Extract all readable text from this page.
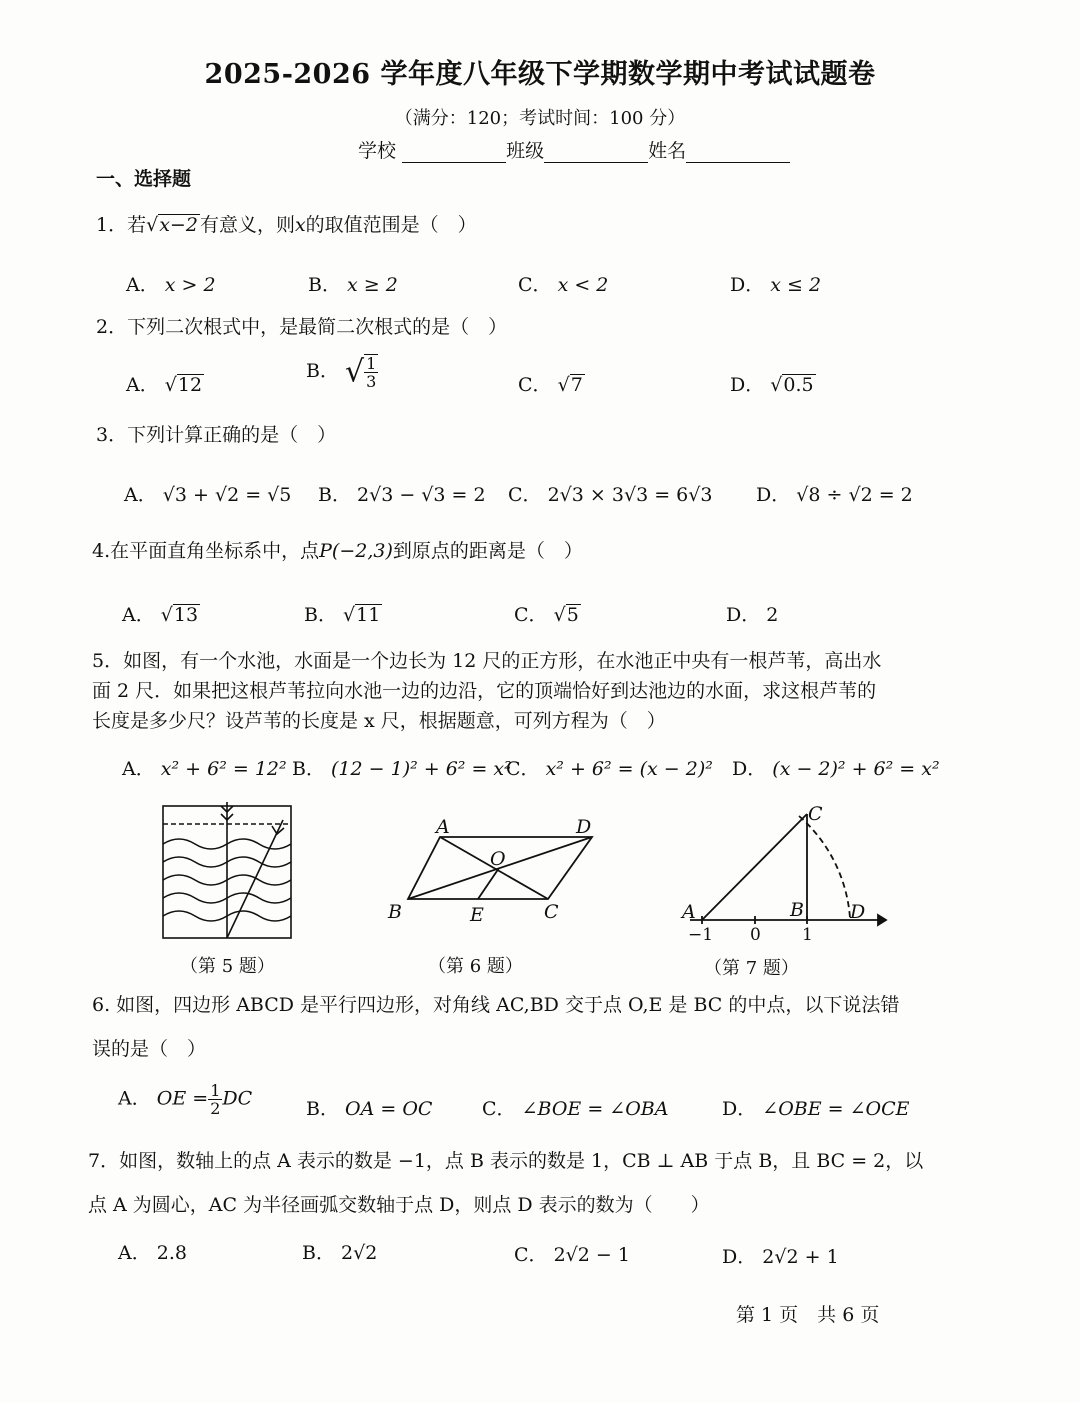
2025-2026 学年度八年级下学期数学期中考试试题卷
（满分：120；考试时间：100 分）
学校	班级	姓名
一、选择题
1．若√x−2 有意义，则x的取值范围是（　）
A． x > 2	B． x ≥ 2	C． x < 2	D． x ≤ 2
2．下列二次根式中，是最简二次根式的是（　）
A． √12
B． √ $\frac{1}{3}$	C． √7	D． √0.5
3．下列计算正确的是（　）
A． √3 + √2 = √5 B． 2√3 − √3 = 2 C． 2√3 × 3√3 = 6√3 D． √8 ÷ √2 = 2
4.在平面直角坐标系中，点P(−2,3)到原点的距离是（　）
A． √13	B． √11	C． √5	D． 2
5．如图，有一个水池，水面是一个边长为 12 尺的正方形，在水池正中央有一根芦苇，高出水
面 2 尺．如果把这根芦苇拉向水池一边的边沿，它的顶端恰好到达池边的水面，求这根芦苇的
长度是多少尺？设芦苇的长度是 x 尺，根据题意，可列方程为（　）
A． x² + 6² = 12² B． (12 − 1)² + 6² = x²
C． x² + 6² = (x − 2)² D． (x − 2)² + 6² = x²
（第 5 题）
A	D
O
B	E	C
（第 6 题）
C
A	B D
−1 0 1
（第 7 题）
6. 如图，四边形 ABCD 是平行四边形，对角线 AC,BD 交于点 O,E 是 BC 的中点，以下说法错
误的是（　）
A． OE = $\frac{1}{2}$ DC	B． OA = OC	C． ∠BOE = ∠OBA	D． ∠OBE = ∠OCE
7．如图，数轴上的点 A 表示的数是 −1，点 B 表示的数是 1，CB ⊥ AB 于点 B，且 BC = 2，以
点 A 为圆心，AC 为半径画弧交数轴于点 D，则点 D 表示的数为（　　）
A． 2.8	B． 2√2	C． 2√2 − 1	D． 2√2 + 1
第 1 页　共 6 页
